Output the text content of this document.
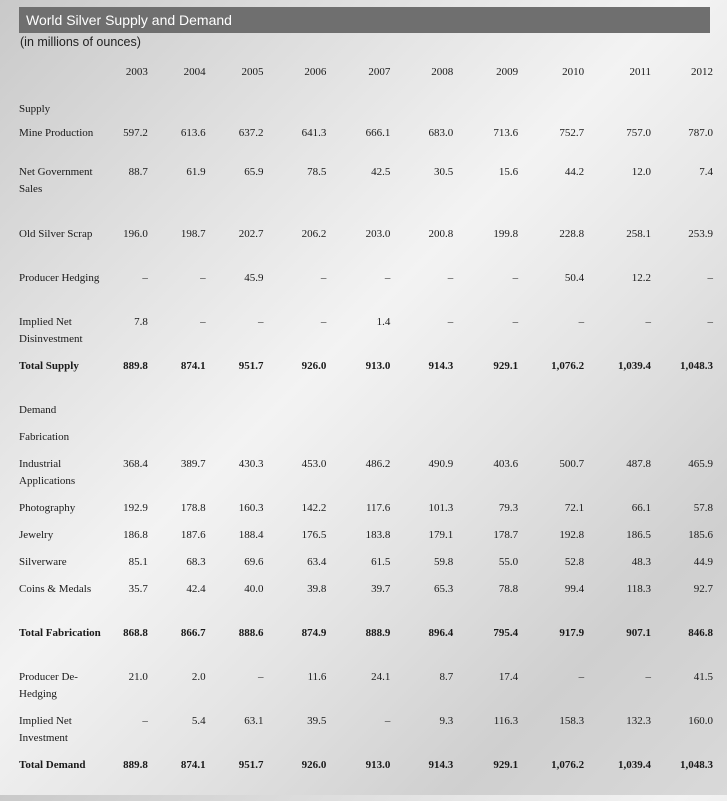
World Silver Supply and Demand
(in millions of ounces)
	2003	2004	2005	2006	2007	2008	2009	2010	2011	2012
Supply										
Mine Production	597.2	613.6	637.2	641.3	666.1	683.0	713.6	752.7	757.0	787.0
Net Government Sales	88.7	61.9	65.9	78.5	42.5	30.5	15.6	44.2	12.0	7.4
Old Silver Scrap	196.0	198.7	202.7	206.2	203.0	200.8	199.8	228.8	258.1	253.9
Producer Hedging	–	–	45.9	–	–	–	–	50.4	12.2	–
Implied Net Disinvestment	7.8	–	–	–	1.4	–	–	–	–	–
Total Supply	889.8	874.1	951.7	926.0	913.0	914.3	929.1	1,076.2	1,039.4	1,048.3
Demand										
Fabrication										
Industrial Applications	368.4	389.7	430.3	453.0	486.2	490.9	403.6	500.7	487.8	465.9
Photography	192.9	178.8	160.3	142.2	117.6	101.3	79.3	72.1	66.1	57.8
Jewelry	186.8	187.6	188.4	176.5	183.8	179.1	178.7	192.8	186.5	185.6
Silverware	85.1	68.3	69.6	63.4	61.5	59.8	55.0	52.8	48.3	44.9
Coins & Medals	35.7	42.4	40.0	39.8	39.7	65.3	78.8	99.4	118.3	92.7
Total Fabrication	868.8	866.7	888.6	874.9	888.9	896.4	795.4	917.9	907.1	846.8
Producer De-Hedging	21.0	2.0	–	11.6	24.1	8.7	17.4	–	–	41.5
Implied Net Investment	–	5.4	63.1	39.5	–	9.3	116.3	158.3	132.3	160.0
Total Demand	889.8	874.1	951.7	926.0	913.0	914.3	929.1	1,076.2	1,039.4	1,048.3
